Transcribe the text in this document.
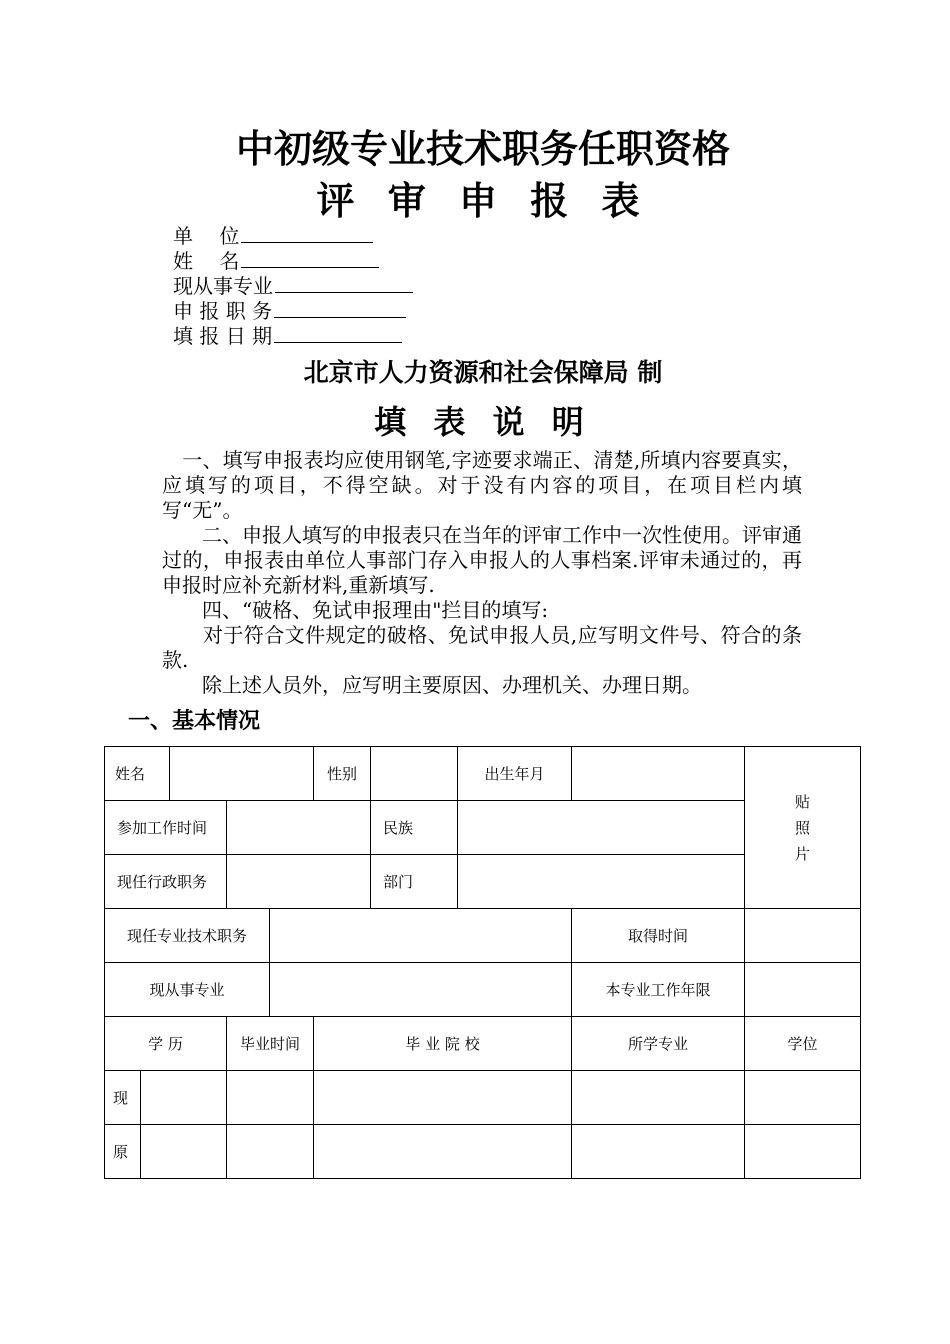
中初级专业技术职务任职资格
评 审 申 报 表
单　 位
姓　 名
现从事专业
申 报 职 务
填 报 日 期
北京市人力资源和社会保障局 制
填 表 说 明

　一、填写申报表均应使用钢笔,字迹要求端正、清楚,所填内容要真实，应填写的项目，不得空缺。对于没有内容的项目，在项目栏内填写“无”。

　　二、申报人填写的申报表只在当年的评审工作中一次性使用。评审通过的，申报表由单位人事部门存入申报人的人事档案.评审未通过的，再申报时应补充新材料,重新填写.

　　四、“破格、免试申报理由"拦目的填写:

　　对于符合文件规定的破格、免试申报人员,应写明文件号、符合的条款.

　　除上述人员外，应写明主要原因、办理机关、办理日期。

一、基本情况
姓名					性别		出生年月		贴
照
片

参加工作时间						民族			
现任行政职务						部门			
现任专业技术职务								取得时间	
现从事专业								本专业工作年限	
学 历			毕业时间		毕 业 院 校			所学专业	学位
现									
原									
